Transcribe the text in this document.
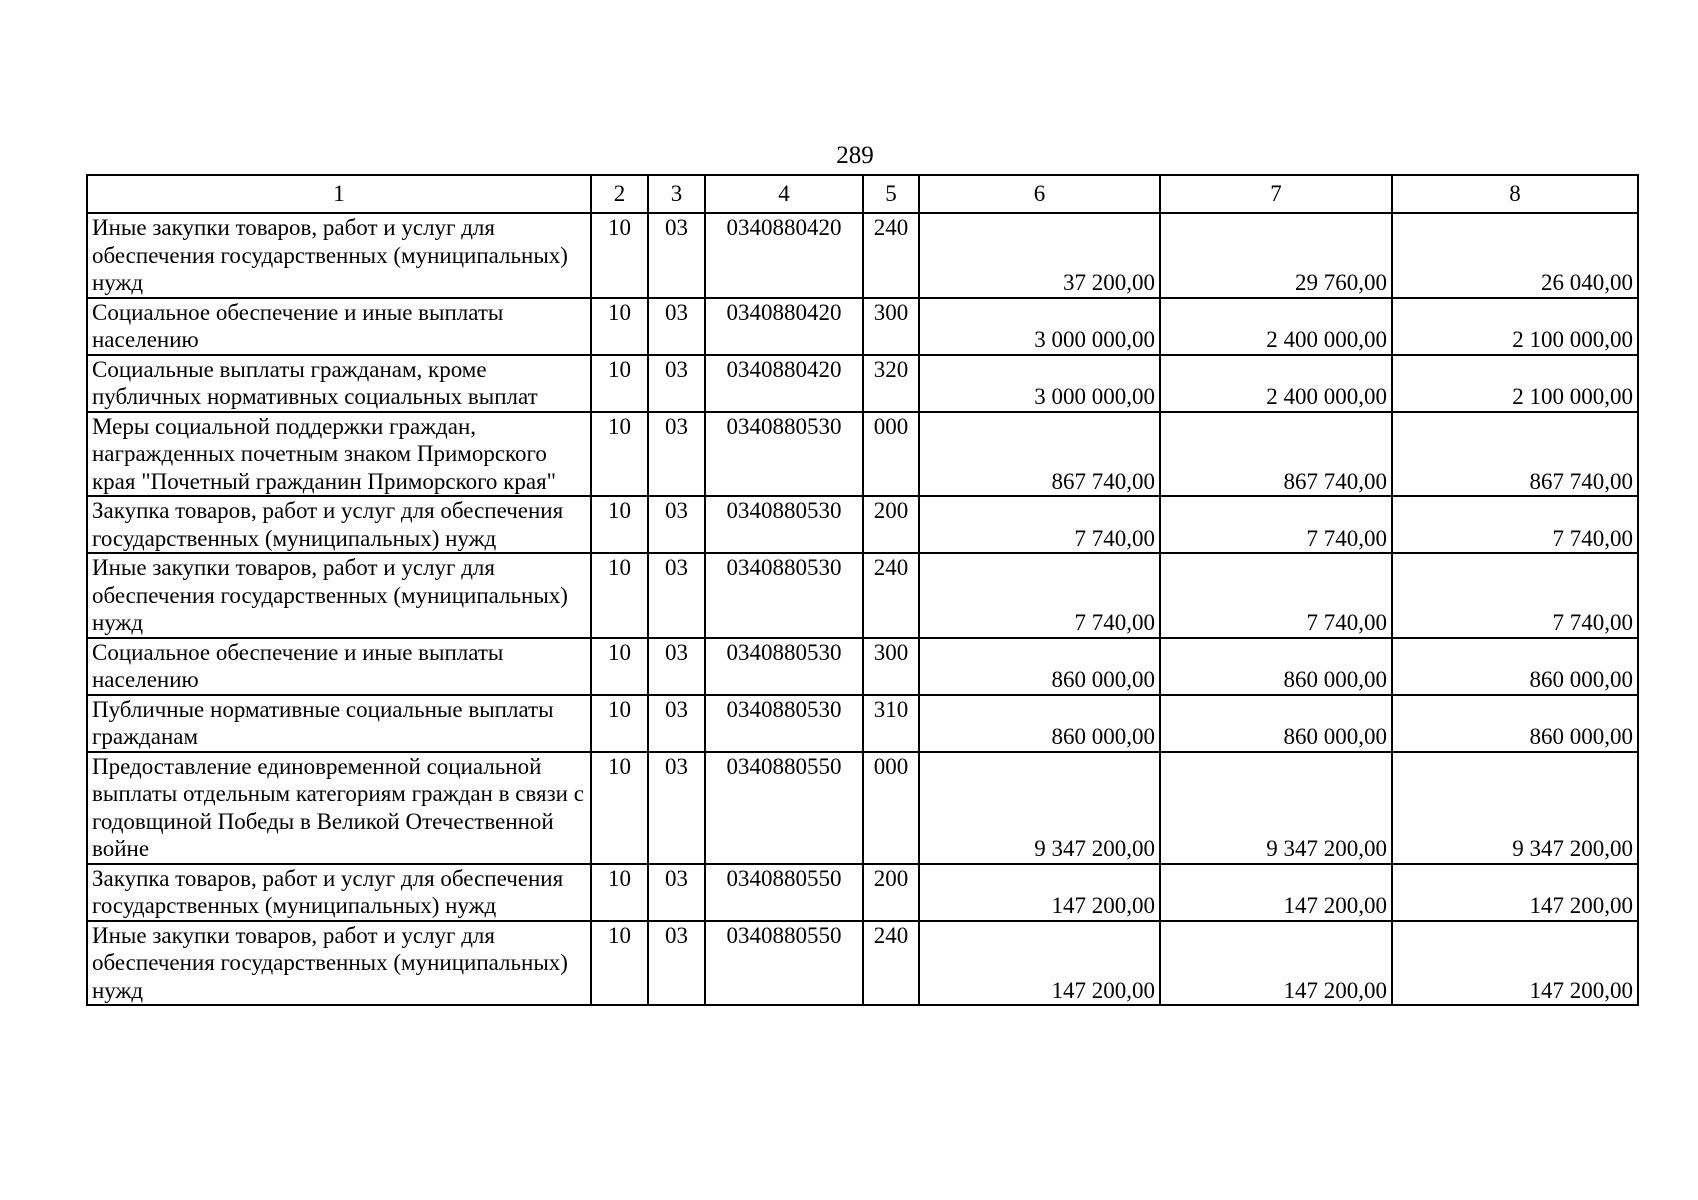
289
1	2	3	4	5	6	7	8
Иные закупки товаров, работ и услуг для обеспечения государственных (муниципальных) нужд	10	03	0340880420	240	37 200,00	29 760,00	26 040,00
Социальное обеспечение и иные выплаты населению	10	03	0340880420	300	3 000 000,00	2 400 000,00	2 100 000,00
Социальные выплаты гражданам, кроме публичных нормативных социальных выплат	10	03	0340880420	320	3 000 000,00	2 400 000,00	2 100 000,00
Меры социальной поддержки граждан, награжденных почетным знаком Приморского края "Почетный гражданин Приморского края"	10	03	0340880530	000	867 740,00	867 740,00	867 740,00
Закупка товаров, работ и услуг для обеспечения государственных (муниципальных) нужд	10	03	0340880530	200	7 740,00	7 740,00	7 740,00
Иные закупки товаров, работ и услуг для обеспечения государственных (муниципальных) нужд	10	03	0340880530	240	7 740,00	7 740,00	7 740,00
Социальное обеспечение и иные выплаты населению	10	03	0340880530	300	860 000,00	860 000,00	860 000,00
Публичные нормативные социальные выплаты гражданам	10	03	0340880530	310	860 000,00	860 000,00	860 000,00
Предоставление единовременной социальной выплаты отдельным категориям граждан в связи с годовщиной Победы в Великой Отечественной войне	10	03	0340880550	000	9 347 200,00	9 347 200,00	9 347 200,00
Закупка товаров, работ и услуг для обеспечения государственных (муниципальных) нужд	10	03	0340880550	200	147 200,00	147 200,00	147 200,00
Иные закупки товаров, работ и услуг для обеспечения государственных (муниципальных) нужд	10	03	0340880550	240	147 200,00	147 200,00	147 200,00
